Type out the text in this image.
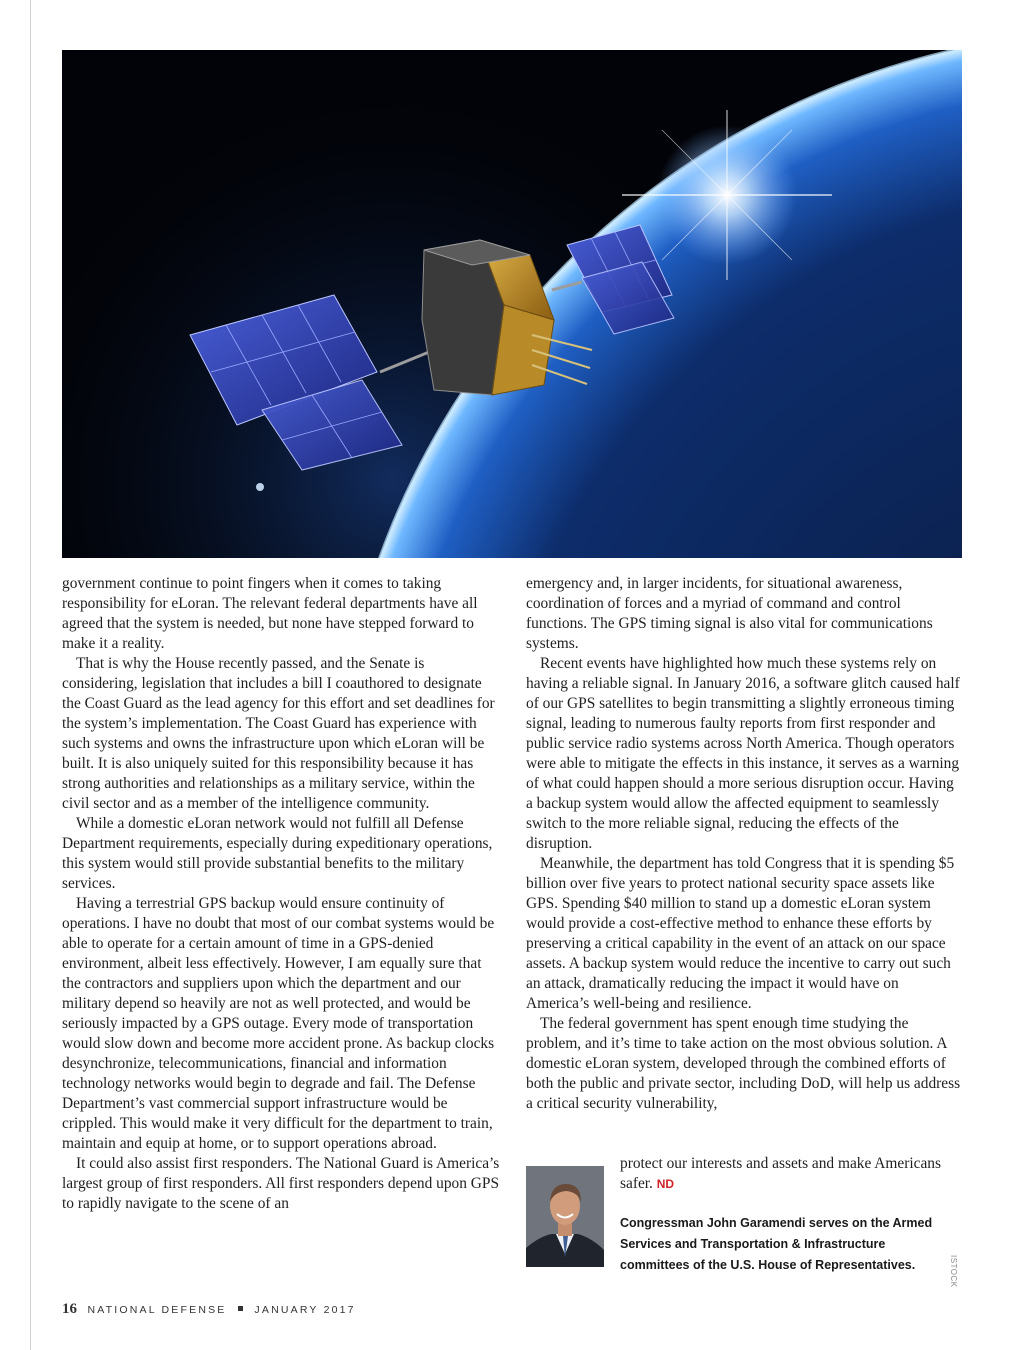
government continue to point fingers when it comes to taking responsibility for eLoran. The relevant federal departments have all agreed that the system is needed, but none have stepped forward to make it a reality.

That is why the House recently passed, and the Senate is considering, legislation that includes a bill I coauthored to designate the Coast Guard as the lead agency for this effort and set deadlines for the system’s implementation. The Coast Guard has experience with such systems and owns the infrastructure upon which eLoran will be built. It is also uniquely suited for this responsibility because it has strong authorities and relationships as a military service, within the civil sector and as a member of the intelligence community.

While a domestic eLoran network would not fulfill all Defense Department requirements, especially during expeditionary operations, this system would still provide substantial benefits to the military services.

Having a terrestrial GPS backup would ensure continuity of operations. I have no doubt that most of our combat systems would be able to operate for a certain amount of time in a GPS-denied environment, albeit less effectively. However, I am equally sure that the contractors and suppliers upon which the department and our military depend so heavily are not as well protected, and would be seriously impacted by a GPS outage. Every mode of transportation would slow down and become more accident prone. As backup clocks desynchronize, telecommunications, financial and information technology networks would begin to degrade and fail. The Defense Department’s vast commercial support infrastructure would be crippled. This would make it very difficult for the department to train, maintain and equip at home, or to support operations abroad.

It could also assist first responders. The National Guard is America’s largest group of first responders. All first responders depend upon GPS to rapidly navigate to the scene of an

emergency and, in larger incidents, for situational awareness, coordination of forces and a myriad of command and control functions. The GPS timing signal is also vital for communications systems.

Recent events have highlighted how much these systems rely on having a reliable signal. In January 2016, a software glitch caused half of our GPS satellites to begin transmitting a slightly erroneous timing signal, leading to numerous faulty reports from first responder and public service radio systems across North America. Though operators were able to mitigate the effects in this instance, it serves as a warning of what could happen should a more serious disruption occur. Having a backup system would allow the affected equipment to seamlessly switch to the more reliable signal, reducing the effects of the disruption.

Meanwhile, the department has told Congress that it is spending $5 billion over five years to protect national security space assets like GPS. Spending $40 million to stand up a domestic eLoran system would provide a cost-effective method to enhance these efforts by preserving a critical capability in the event of an attack on our space assets. A backup system would reduce the incentive to carry out such an attack, dramatically reducing the impact it would have on America’s well-being and resilience.

The federal government has spent enough time studying the problem, and it’s time to take action on the most obvious solution. A domestic eLoran system, developed through the combined efforts of both the public and private sector, including DoD, will help us address a critical security vulnerability,

protect our interests and assets and make Americans safer. ND

Congressman John Garamendi serves on the Armed Services and Transportation & Infrastructure committees of the U.S. House of Representatives.	ISTOCK
16 NATIONAL DEFENSE	JANUARY 2017
